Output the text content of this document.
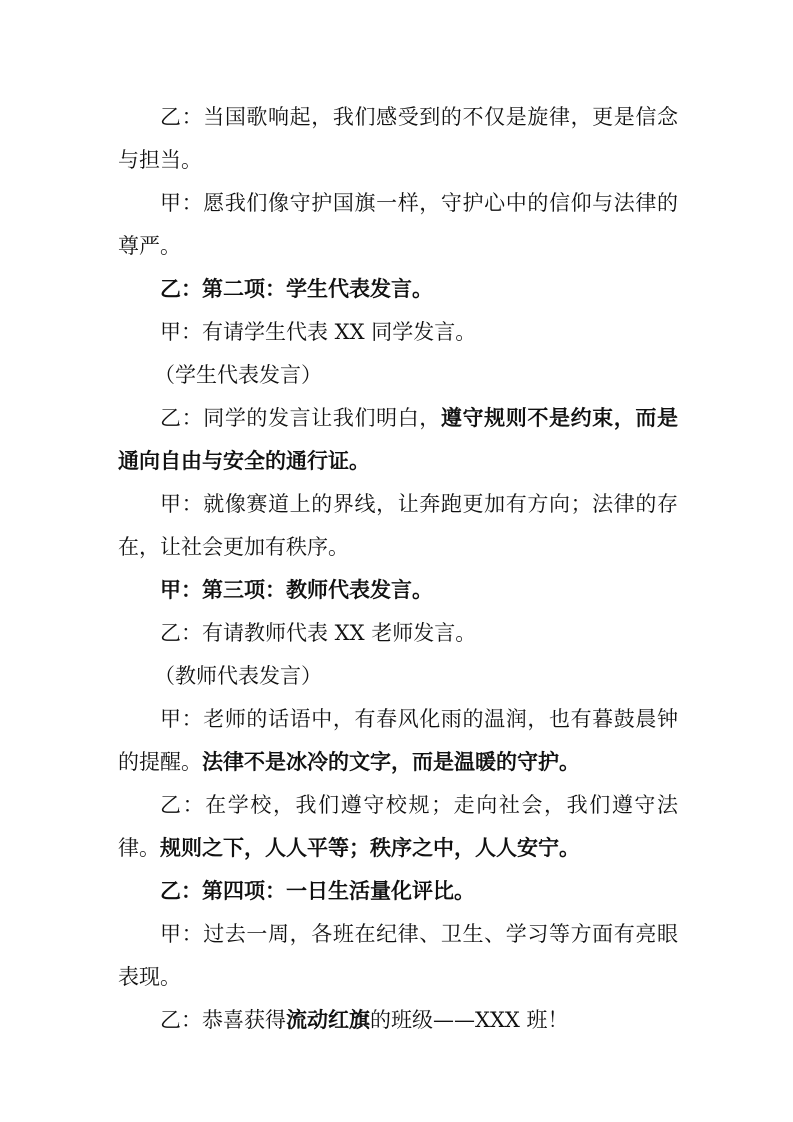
乙：当国歌响起，我们感受到的不仅是旋律，更是信念与担当。

甲：愿我们像守护国旗一样，守护心中的信仰与法律的尊严。

乙：第二项：学生代表发言。

甲：有请学生代表 XX 同学发言。

（学生代表发言）

乙：同学的发言让我们明白，遵守规则不是约束，而是通向自由与安全的通行证。

甲：就像赛道上的界线，让奔跑更加有方向；法律的存在，让社会更加有秩序。

甲：第三项：教师代表发言。

乙：有请教师代表 XX 老师发言。

（教师代表发言）

甲：老师的话语中，有春风化雨的温润，也有暮鼓晨钟的提醒。法律不是冰冷的文字，而是温暖的守护。

乙：在学校，我们遵守校规；走向社会，我们遵守法律。规则之下，人人平等；秩序之中，人人安宁。

乙：第四项：一日生活量化评比。

甲：过去一周，各班在纪律、卫生、学习等方面有亮眼表现。

乙：恭喜获得流动红旗的班级——XXX 班！
